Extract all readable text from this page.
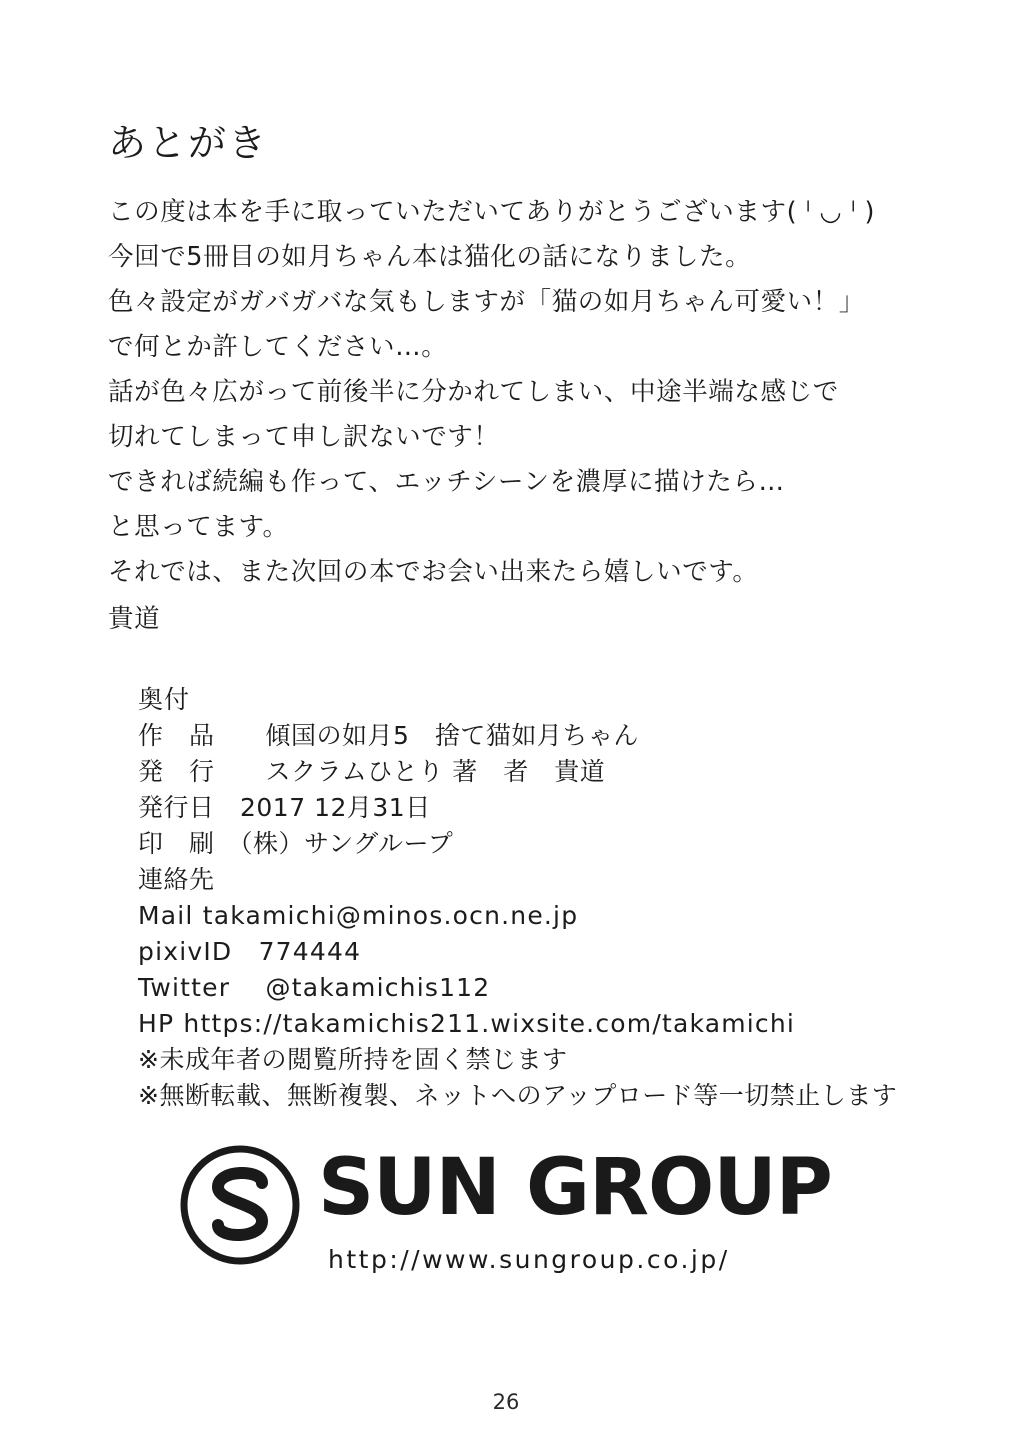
あとがき
この度は本を手に取っていただいてありがとうございます( ˡ ◡ ˡ )
今回で5冊目の如月ちゃん本は猫化の話になりました。
色々設定がガバガバな気もしますが「猫の如月ちゃん可愛い！」
で何とか許してください…。
話が色々広がって前後半に分かれてしまい、中途半端な感じで
切れてしまって申し訳ないです！
できれば続編も作って、エッチシーンを濃厚に描けたら…
と思ってます。
それでは、また次回の本でお会い出来たら嬉しいです。
貴道
奥付
作　品　　傾国の如月5　捨て猫如月ちゃん
発　行　　スクラムひとり 著　者　貴道
発行日　2017 12月31日
印　刷　（株）サングループ
連絡先
Mail takamichi@minos.ocn.ne.jp
pixivID　774444
Twitter 　@takamichis112
HP https://takamichis211.wixsite.com/takamichi
※未成年者の閲覧所持を固く禁じます
※無断転載、無断複製、ネットへのアップロード等一切禁止します
SUN GROUP
http://www.sungroup.co.jp/
26
